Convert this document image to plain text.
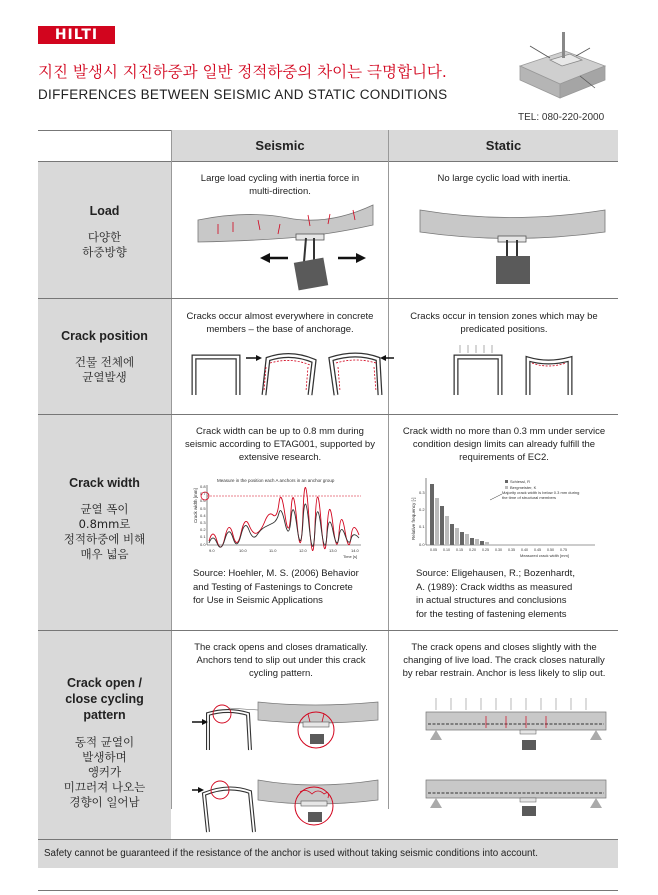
HILTI
지진 발생시 지진하중과 일반 정적하중의 차이는 극명합니다.
DIFFERENCES BETWEEN SEISMIC AND STATIC CONDITIONS
TEL: 080-220-2000
Seismic	Static
Load
다양한
하중방향
Large load cycling with inertia force in multi-direction.
No large cyclic load with inertia.
Crack position
건물 전체에
균열발생
Cracks occur almost everywhere in concrete members – the base of anchorage.
Cracks occur in tension zones which may be predicated positions.
Crack width
균열 폭이
0.8mm로
정적하중에 비해
매우 넓음
Crack width can be up to 0.8 mm during seismic according to ETAG001, supported by extensive research.
Crack width no more than 0.3 mm under service condition design limits can already fulfill the requirements of EC2.
Measure in the position each A anchors in an anchor group
Crack width [mm]
0.8
0.7
0.6
0.5
0.4
0.3
0.2
0.1
0.0
9.0	10.0	11.0	12.0	13.0	14.0
Time [s]
Relative frequency [-]
0.3
0.2
0.1
0.0
Schiessl, R
Bergmeister, K
Majority crack width is below 0.3 mm during the time of structural members
0.05 0.10 0.15 0.20 0.25 0.30 0.35 0.40 0.45 0.50 0.75
Measured crack width [mm]
Source: Hoehler, M. S. (2006) Behavior
and Testing of Fastenings to Concrete
for Use in Seismic Applications
Source: Eligehausen, R.; Bozenhardt,
A. (1989): Crack widths as measured
in actual structures and conclusions
for the testing of fastening elements
Crack open /
close cycling
pattern
동적 균열이
발생하며
앵커가
미끄러져 나오는
경향이 일어남
The crack opens and closes dramatically. Anchors tend to slip out under this crack cycling pattern.
The crack opens and closes slightly with the changing of live load. The crack closes naturally by rebar restrain. Anchor is less likely to slip out.
Safety cannot be guaranteed if the resistance of the anchor is used without taking seismic conditions into account.
